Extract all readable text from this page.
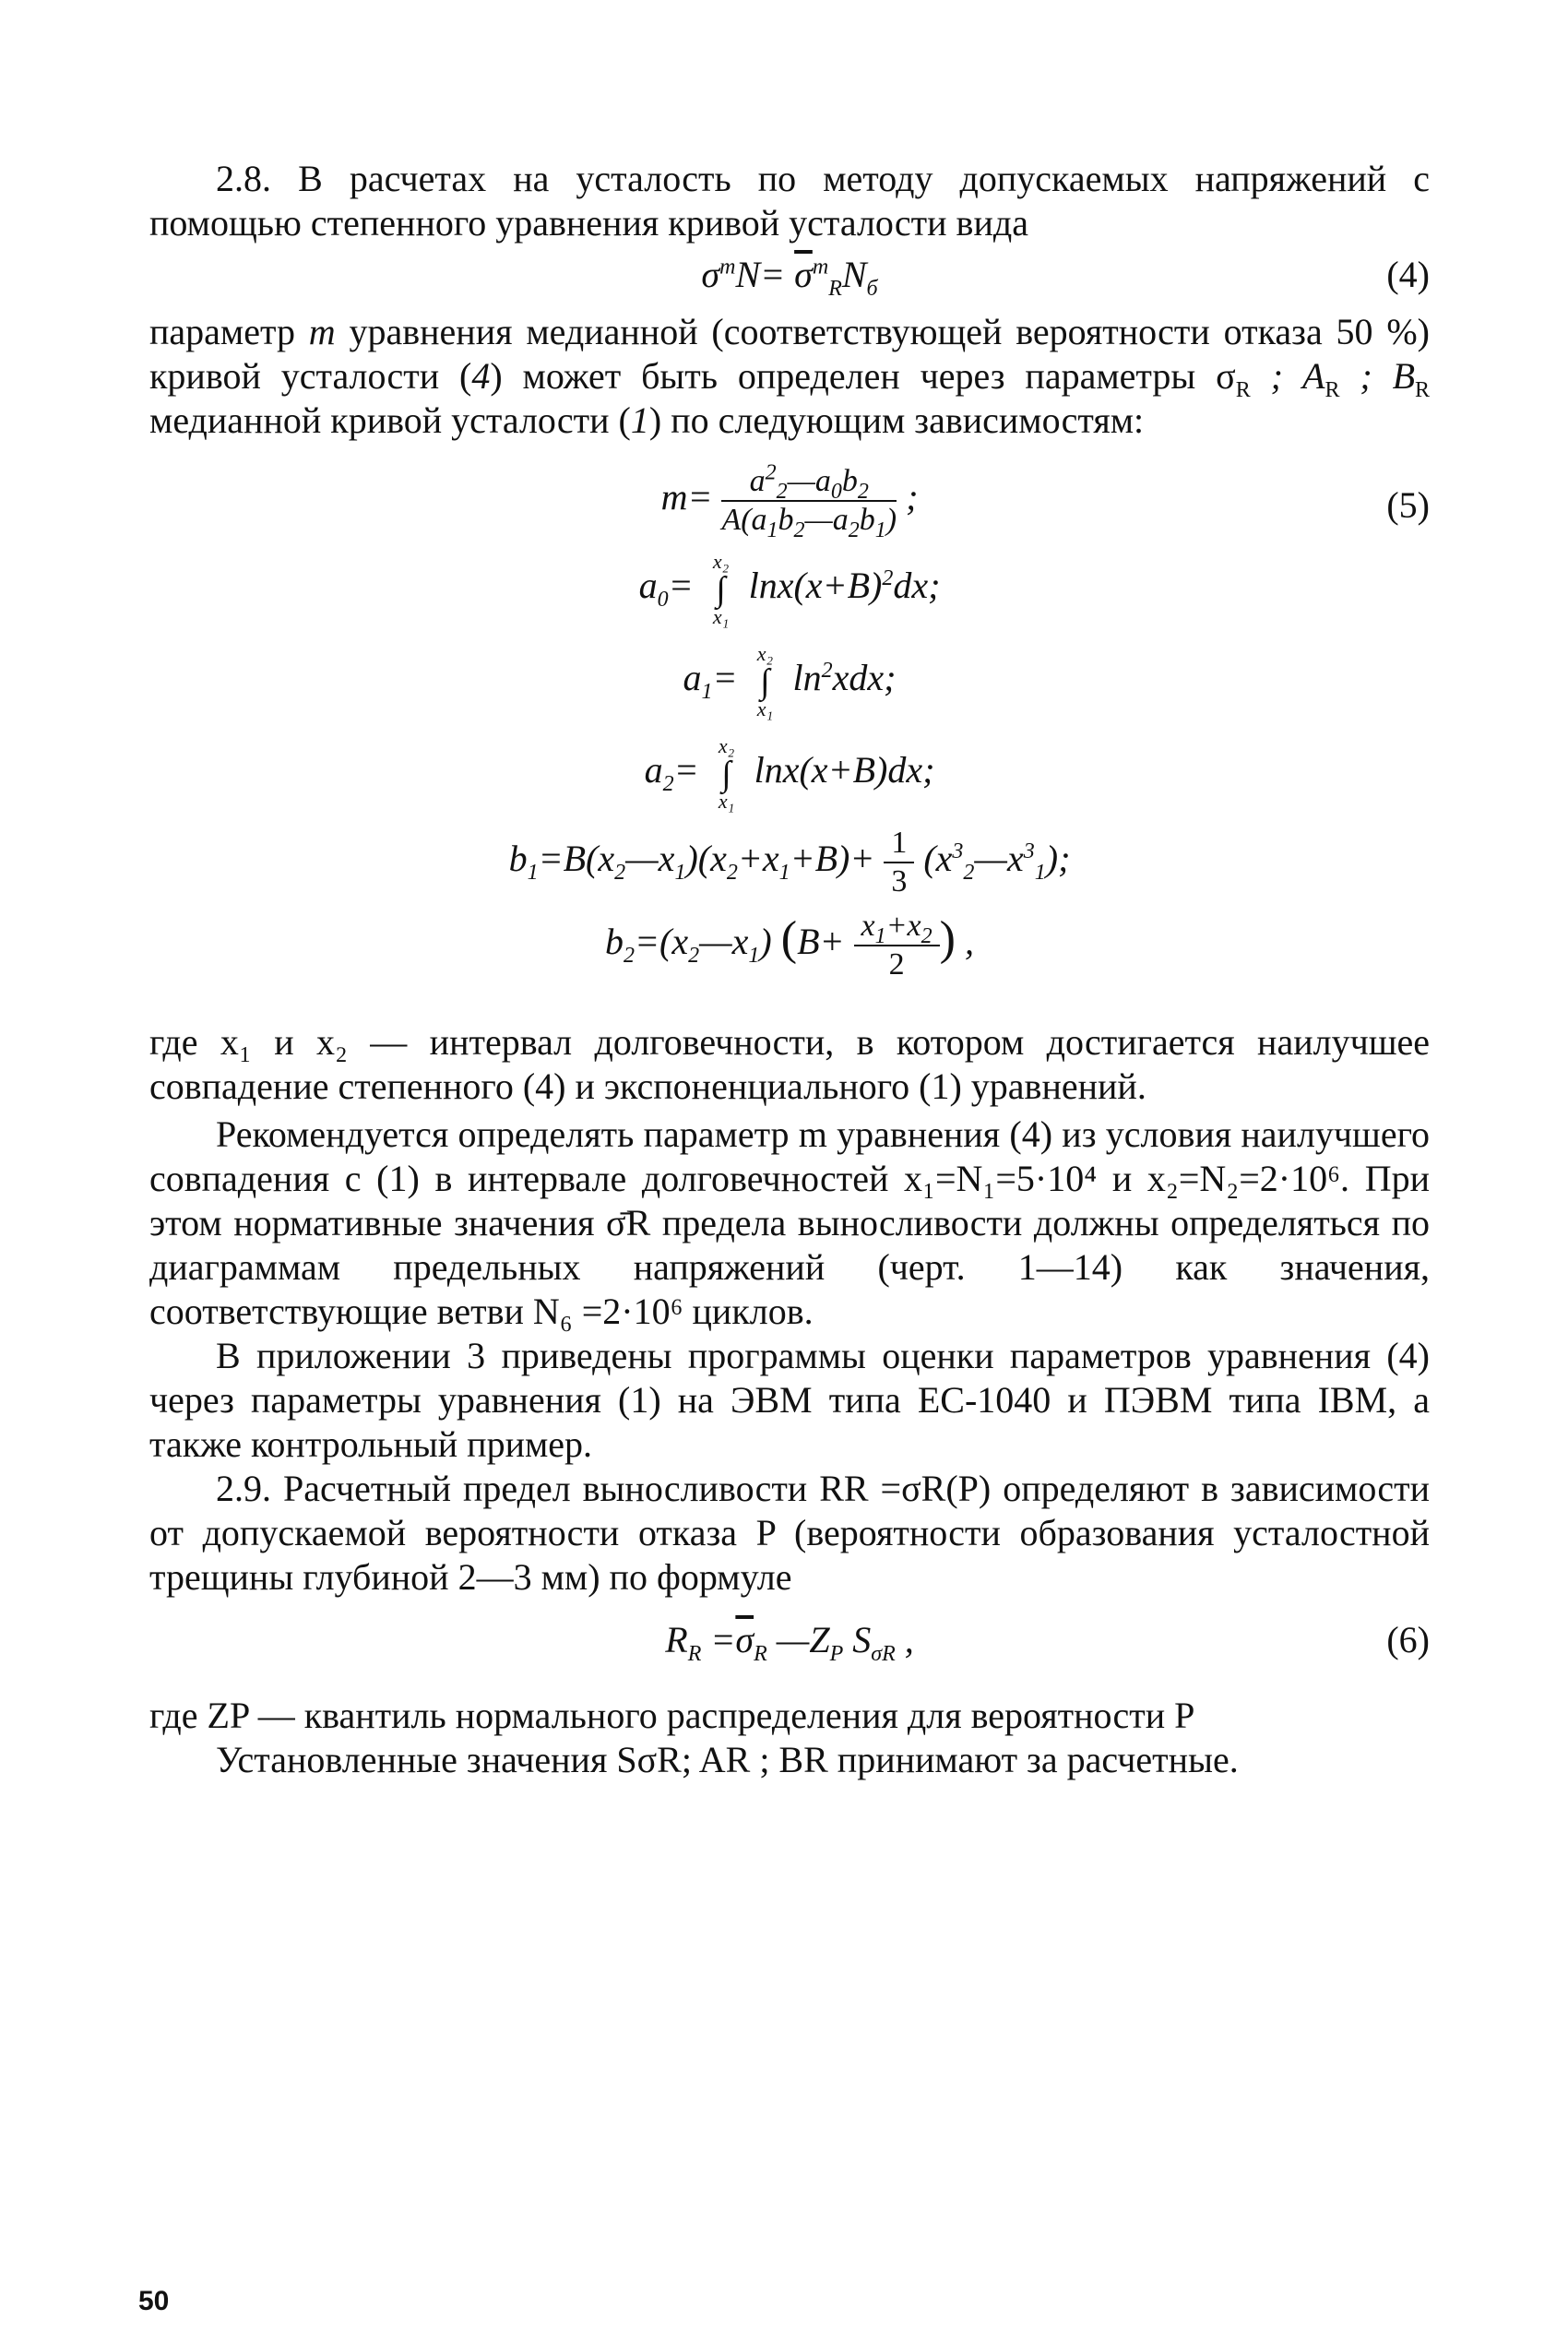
2.8. В расчетах на усталость по методу допускаемых напряжений с помощью степенного уравнения кривой усталости вида

$\sigma^mN= \overline{\sigma}^m_RN_б$	(4)

параметр m уравнения медианной (соответствующей вероятности отказа 50 %) кривой усталости (4) может быть определен через параметры $\sigma_R$ ; $A_R$ ; $B_R$ медианной кривой усталости (1) по следующим зависимостям:

(5)
$m= \frac{a^2_2—a_0b_2}{A(a_1b_2—a_2b_1)}$ ;
$a_0=$
x₂
∫
x₁
$\ln x(x+B)^2dx$;
$a_1=$
x₂
∫
x₁
$\ln^2xdx$;
$a_2=$
x₂
∫
x₁
lnx(x+B)dx;
$b_1=B(x_2—x_1)(x_2+x_1+B)+ \frac{1}{3}$ $(x^3_2—x^3_1)$;
$b_2=(x_2—x_1)$ ($B+ \frac{x_1+x_2}{2}$ ) ,

где x₁ и x₂ — интервал долговечности, в котором достигается наилучшее совпадение степенного (4) и экспоненциального (1) уравнений.

Рекомендуется определять параметр m уравнения (4) из условия наилучшего совпадения с (1) в интервале долговечностей x₁=N₁=5·10⁴ и x₂=N₂=2·10⁶. При этом нормативные значения σ̄R предела выносливости должны определяться по диаграммам предельных напряжений (черт. 1—14) как значения, соответствующие ветви N₆ =2·10⁶ циклов.

В приложении 3 приведены программы оценки параметров уравнения (4) через параметры уравнения (1) на ЭВМ типа ЕС-1040 и ПЭВМ типа IBM, а также контрольный пример.

2.9. Расчетный предел выносливости RR =σR(P) определяют в зависимости от допускаемой вероятности отказа P (вероятности образования усталостной трещины глубиной 2—3 мм) по формуле

$R_R =\overline{\sigma}_R$ $—Z_P$ $S_{\sigma R}$ ,	(6)

где ZP — квантиль нормального распределения для вероятности P

Установленные значения SσR; AR ; BR принимают за расчетные.

50
